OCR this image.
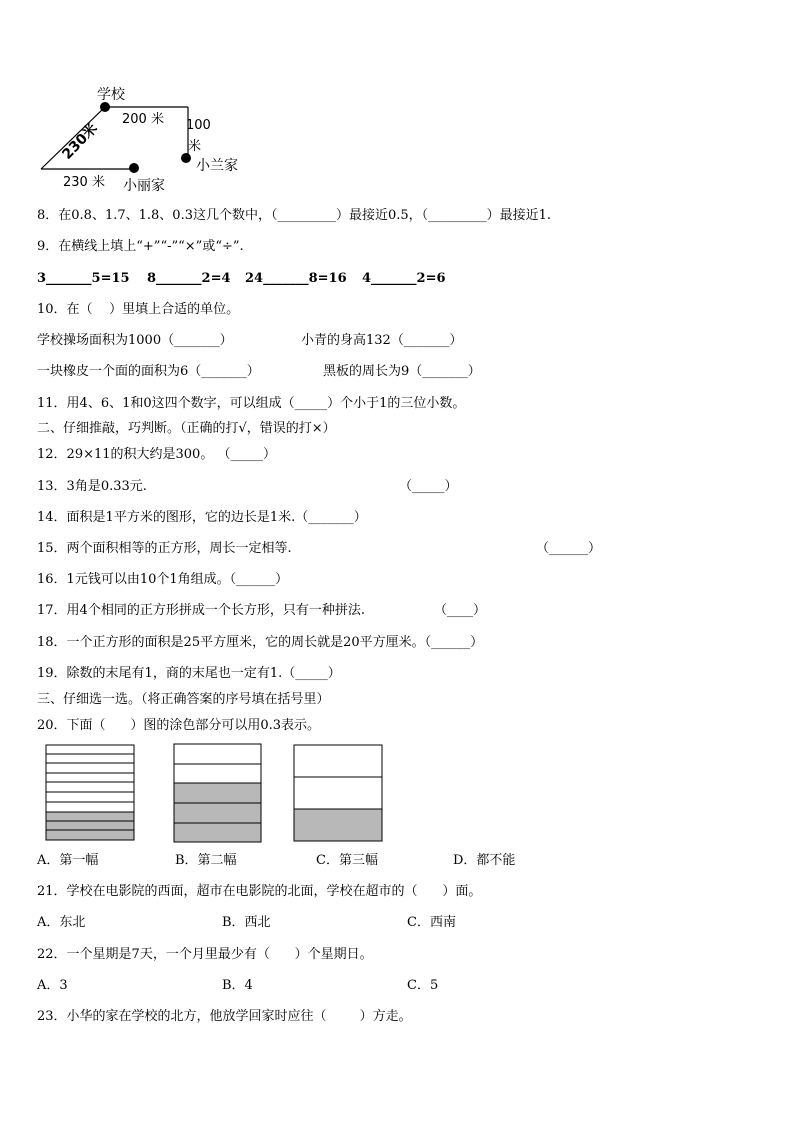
学校
200 米 100
米
小兰家
230米
230 米 小丽家
8．在0.8、1.7、1.8、0.3这几个数中，（_________）最接近0.5，（_________）最接近1.
9．在横线上填上“+”“-”“×”或“÷”.
3_______5=15 8_______2=4 24_______8=16 4_______2=6
10．在（    ）里填上合适的单位。
学校操场面积为1000（_______）	小青的身高132（_______）
一块橡皮一个面的面积为6（_______）	黑板的周长为9（_______）
11．用4、6、1和0这四个数字，可以组成（_____）个小于1的三位小数。
二、仔细推敲，巧判断。（正确的打√，错误的打×）
12．29×11的积大约是300。 （_____）
13．3角是0.33元.	（_____）
14．面积是1平方米的图形，它的边长是1米.（_______）
15．两个面积相等的正方形，周长一定相等.	（______）
16．1元钱可以由10个1角组成。（______）
17．用4个相同的正方形拼成一个长方形，只有一种拼法.	（____）
18．一个正方形的面积是25平方厘米，它的周长就是20平方厘米。（______）
19．除数的末尾有1，商的末尾也一定有1.（_____）
三、仔细选一选。（将正确答案的序号填在括号里）
20．下面（      ）图的涂色部分可以用0.3表示。
A．第一幅	B．第二幅	C．第三幅	D．都不能
21．学校在电影院的西面，超市在电影院的北面，学校在超市的（      ）面。
A．东北	B．西北	C．西南
22．一个星期是7天，一个月里最少有（      ）个星期日。
A．3	B．4	C．5
23．小华的家在学校的北方，他放学回家时应往（        ）方走。
